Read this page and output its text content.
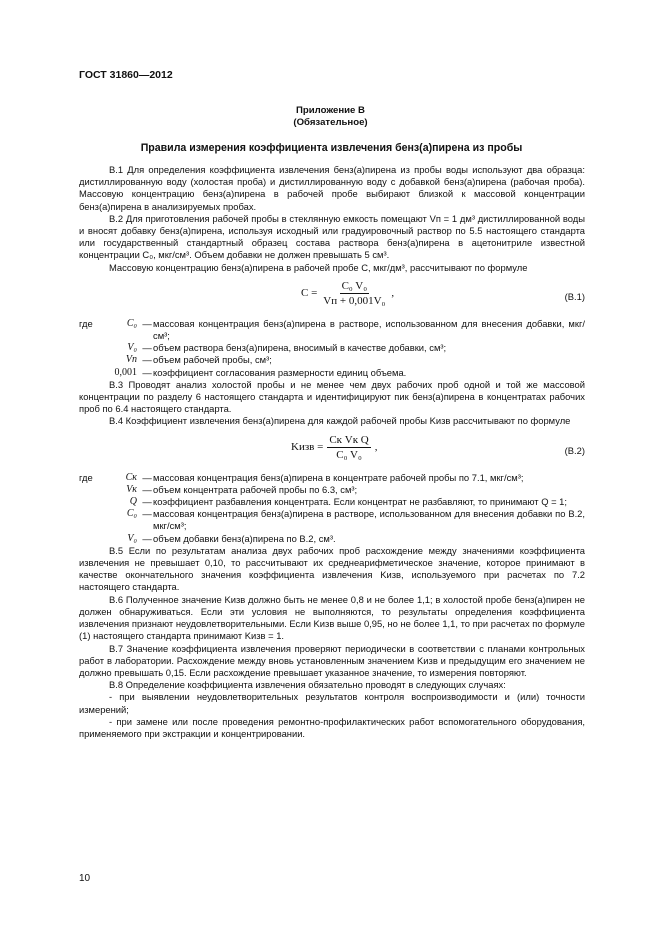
ГОСТ 31860—2012
Приложение В
(Обязательное)
Правила измерения коэффициента извлечения бенз(а)пирена из пробы

В.1 Для определения коэффициента извлечения бенз(а)пирена из пробы воды используют два образца: дистиллированную воду (холостая проба) и дистиллированную воду с добавкой бенз(а)пирена (рабочая проба). Массовую концентрацию бенз(а)пирена в рабочей пробе выбирают близкой к массовой концентрации бенз(а)пирена в анализируемых пробах.

В.2 Для приготовления рабочей пробы в стеклянную емкость помещают Vп = 1 дм³ дистиллированной воды и вносят добавку бенз(а)пирена, используя исходный или градуировочный раствор по 5.5 настоящего стандарта или государственный стандартный образец состава раствора бенз(а)пирена в ацетонитриле известной концентрации C₀, мкг/см³. Объем добавки не должен превышать 5 см³.

Массовую концентрацию бенз(а)пирена в рабочей пробе C, мкг/дм³, рассчитывают по формуле

$C = \frac{\text{C₀ V₀}}{\text{Vп + 0,001V₀}}$ ,	(В.1)
где	C₀ — массовая концентрация бенз(а)пирена в растворе, использованном для внесения добавки, мкг/см³;
V₀ — объем раствора бенз(а)пирена, вносимый в качестве добавки, см³;
Vп — объем рабочей пробы, см³;
0,001 — коэффициент согласования размерности единиц объема.

В.3 Проводят анализ холостой пробы и не менее чем двух рабочих проб одной и той же массовой концентрации по разделу 6 настоящего стандарта и идентифицируют пик бенз(а)пирена в концентратах рабочих проб по 6.4 настоящего стандарта.

В.4 Коэффициент извлечения бенз(а)пирена для каждой рабочей пробы Kизв рассчитывают по формуле

Kизв = $\frac{\text{Cк Vк Q}}{\text{C₀ V₀}}$ ,	(В.2)
где	Cк — массовая концентрация бенз(а)пирена в концентрате рабочей пробы по 7.1, мкг/см³;
Vк — объем концентрата рабочей пробы по 6.3, см³;
Q — коэффициент разбавления концентрата. Если концентрат не разбавляют, то принимают Q = 1;
C₀ — массовая концентрация бенз(а)пирена в растворе, использованном для внесения добавки по В.2, мкг/см³;
V₀ — объем добавки бенз(а)пирена по В.2, см³.

В.5 Если по результатам анализа двух рабочих проб расхождение между значениями коэффициента извлечения не превышает 0,10, то рассчитывают их среднеарифметическое значение, которое принимают в качестве окончательного значения коэффициента извлечения Kизв, используемого при расчетах по 7.2 настоящего стандарта.

В.6 Полученное значение Kизв должно быть не менее 0,8 и не более 1,1; в холостой пробе бенз(а)пирен не должен обнаруживаться. Если эти условия не выполняются, то результаты определения коэффициента извлечения признают неудовлетворительными. Если Kизв выше 0,95, но не более 1,1, то при расчетах по формуле (1) настоящего стандарта принимают Kизв = 1.

В.7 Значение коэффициента извлечения проверяют периодически в соответствии с планами контрольных работ в лаборатории. Расхождение между вновь установленным значением Kизв и предыдущим его значением не должно превышать 0,15. Если расхождение превышает указанное значение, то измерения повторяют.

В.8 Определение коэффициента извлечения обязательно проводят в следующих случаях:

- при выявлении неудовлетворительных результатов контроля воспроизводимости и (или) точности измерений;

- при замене или после проведения ремонтно-профилактических работ вспомогательного оборудования, применяемого при экстракции и концентрировании.

10
